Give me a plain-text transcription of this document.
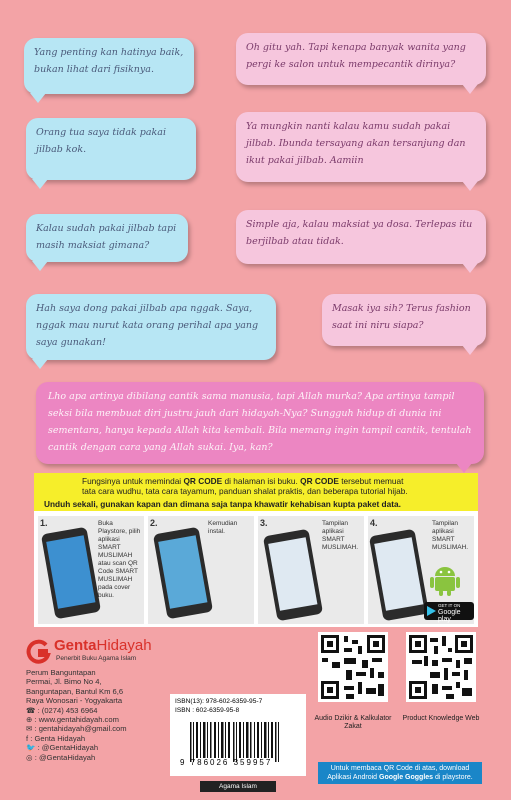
Yang penting kan hatinya baik, bukan lihat dari fisiknya.
Oh gitu yah. Tapi kenapa banyak wanita yang pergi ke salon untuk mempecantik dirinya?
Orang tua saya tidak pakai jilbab kok.
Ya mungkin nanti kalau kamu sudah pakai jilbab. Ibunda tersayang akan tersanjung dan ikut pakai jilbab. Aamiin
Kalau sudah pakai jilbab tapi masih maksiat gimana?
Simple aja, kalau maksiat ya dosa. Terlepas itu berjilbab atau tidak.
Hah saya dong pakai jilbab apa nggak. Saya, nggak mau nurut kata orang perihal apa yang saya gunakan!
Masak iya sih? Terus fashion saat ini niru siapa?
Lho apa artinya dibilang cantik sama manusia, tapi Allah murka? Apa artinya tampil seksi bila membuat diri justru jauh dari hidayah-Nya? Sungguh hidup di dunia ini sementara, hanya kepada Allah kita kembali. Bila memang ingin tampil cantik, tentulah cantik dengan cara yang Allah sukai. Iya, kan?

Fungsinya untuk memindai QR CODE di halaman isi buku. QR CODE tersebut memuat

tata cara wudhu, tata cara tayamum, panduan shalat praktis, dan beberapa tutorial hijab.

Unduh sekali, gunakan kapan dan dimana saja tanpa khawatir kehabisan kupta paket data.

1.	Buka Playstore, pilih aplikasi SMART MUSLIMAH atau scan QR Code SMART MUSLIMAH pada cover buku.
2.	Kemudian instal.
3.	Tampilan aplikasi SMART MUSLIMAH.
4.	Tampilan aplikasi SMART MUSLIMAH.
GET IT ON
Google play
GentaHidayah
Penerbit Buku Agama Islam
Perum Banguntapan
Permai, Jl. Bimo No 4,
Banguntapan, Bantul Km 6,6
Raya Wonosari - Yogyakarta
☎ : (0274) 453 6964
⊕ : www.gentahidayah.com
✉ : gentahidayah@gmail.com
f : Genta Hidayah
🐦 : @GentaHidayah
◎ : @GentaHidayah
ISBN(13): 978-602-6359-95-7
ISBN : 602-6359-95-8
9 786026 359957
Agama Islam
Audio Dzikir & Kalkulator Zakat
Product Knowledge Web
Untuk membaca QR Code di atas, download Aplikasi Android Google Goggles di playstore.
